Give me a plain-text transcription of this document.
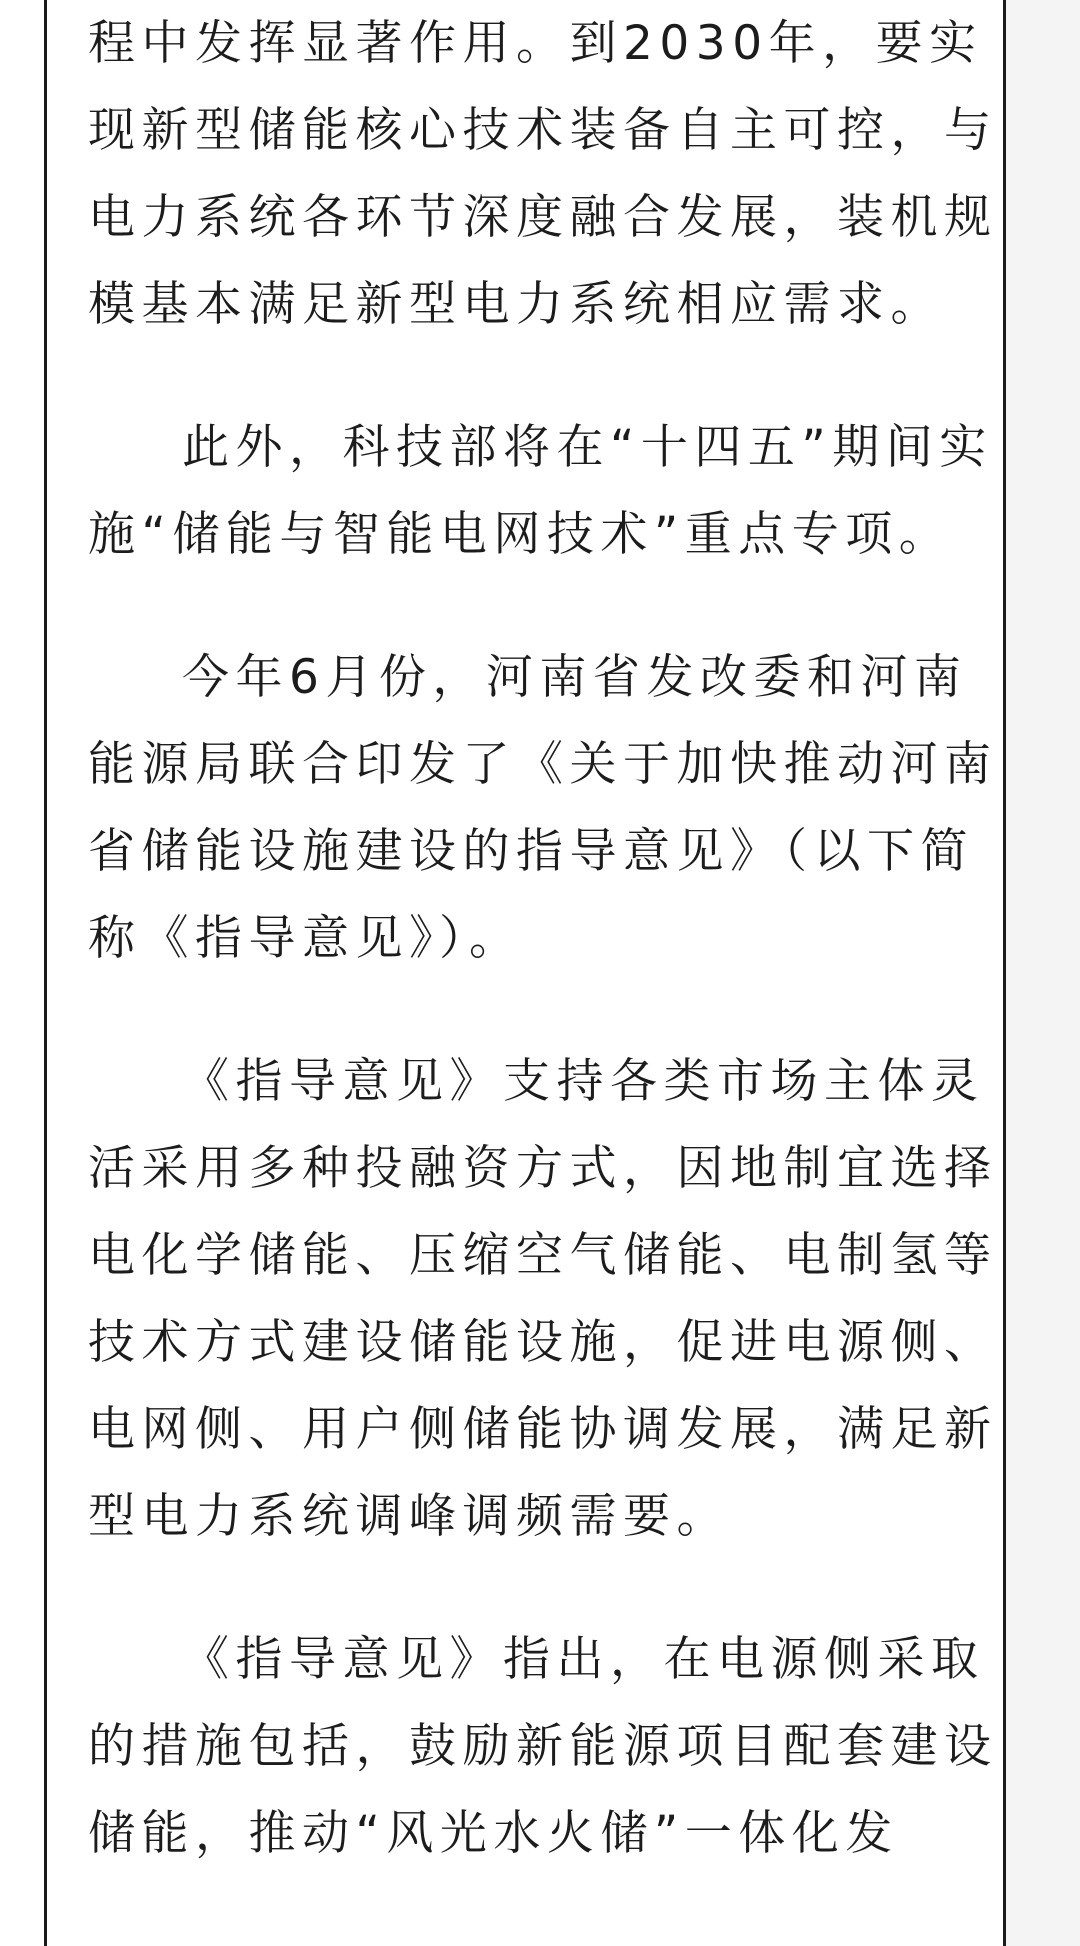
程中发挥显著作用。到2030年，要实
现新型储能核心技术装备自主可控，与
电力系统各环节深度融合发展，装机规
模基本满足新型电力系统相应需求。

此外，科技部将在“十四五”期间实
施“储能与智能电网技术”重点专项。

今年6月份，河南省发改委和河南
能源局联合印发了《关于加快推动河南
省储能设施建设的指导意见》（以下简
称《指导意见》）。

《指导意见》支持各类市场主体灵
活采用多种投融资方式，因地制宜选择
电化学储能、压缩空气储能、电制氢等
技术方式建设储能设施，促进电源侧、
电网侧、用户侧储能协调发展，满足新
型电力系统调峰调频需要。

《指导意见》指出，在电源侧采取
的措施包括，鼓励新能源项目配套建设
储能，推动“风光水火储”一体化发
